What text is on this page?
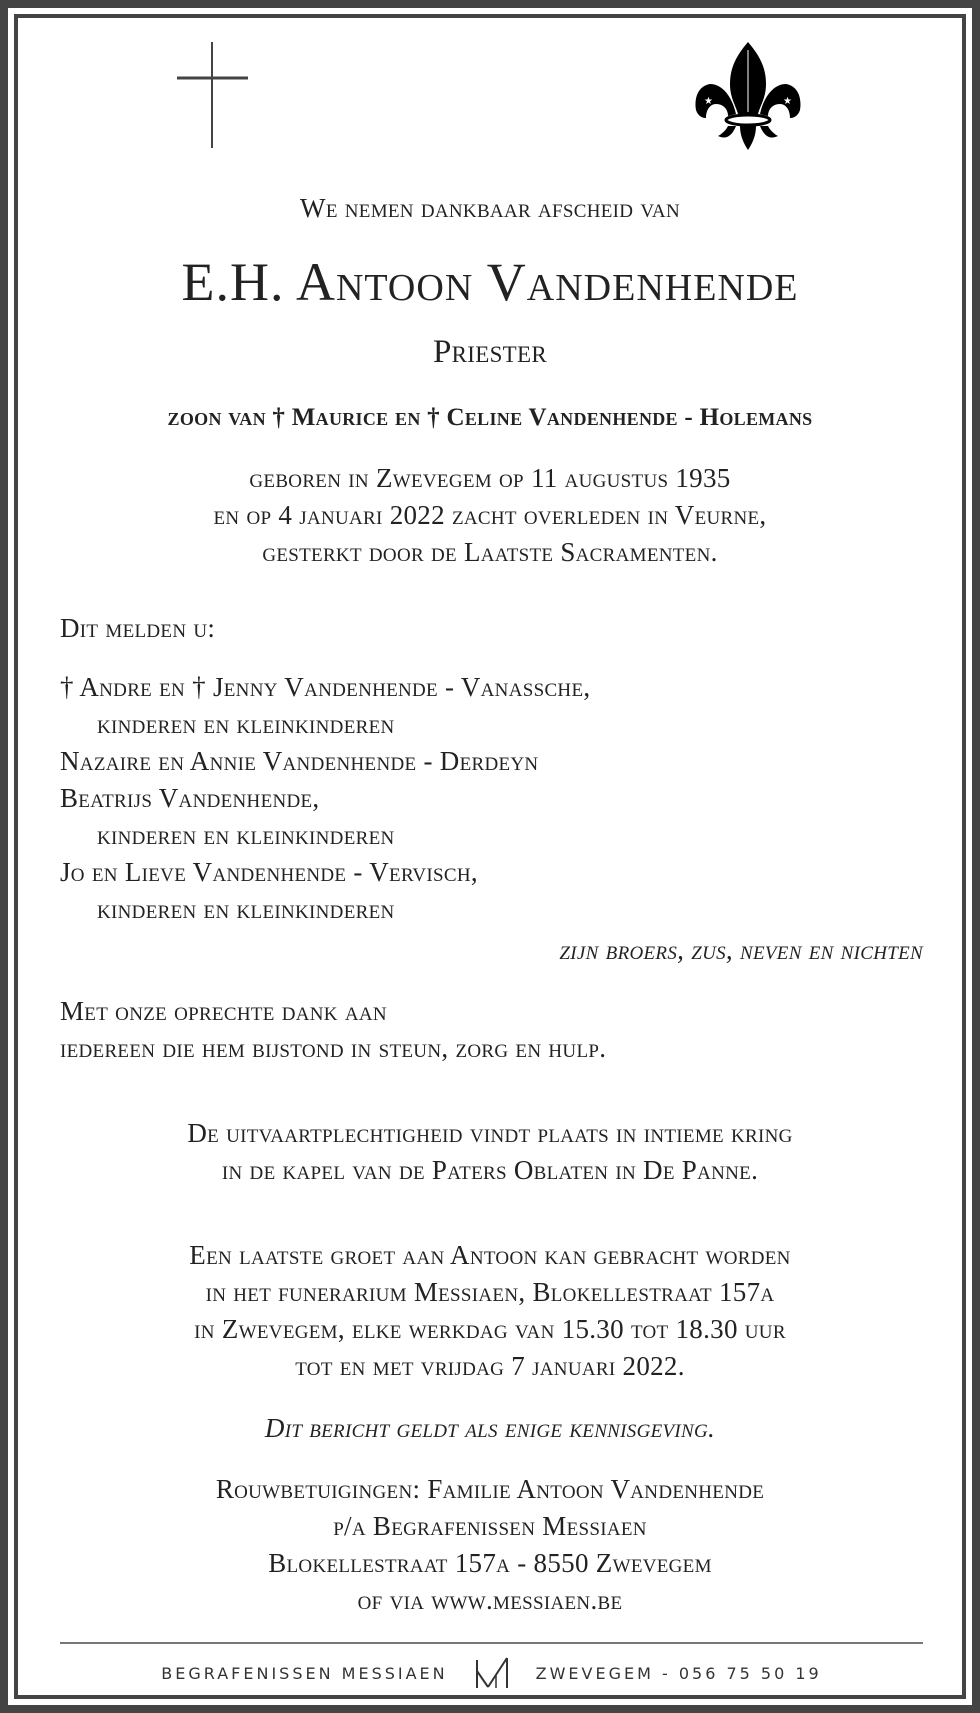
★	★
We nemen dankbaar afscheid van
E.H. Antoon Vandenhende
Priester
zoon van † Maurice en † Celine Vandenhende - Holemans
geboren in Zwevegem op 11 augustus 1935
en op 4 januari 2022 zacht overleden in Veurne,
gesterkt door de Laatste Sacramenten.
Dit melden u:
† Andre en † Jenny Vandenhende - Vanassche,
kinderen en kleinkinderen
Nazaire en Annie Vandenhende - Derdeyn
Beatrijs Vandenhende,
kinderen en kleinkinderen
Jo en Lieve Vandenhende - Vervisch,
kinderen en kleinkinderen
zijn broers, zus, neven en nichten
Met onze oprechte dank aan
iedereen die hem bijstond in steun, zorg en hulp.
De uitvaartplechtigheid vindt plaats in intieme kring
in de kapel van de Paters Oblaten in De Panne.
Een laatste groet aan Antoon kan gebracht worden
in het funerarium Messiaen, Blokellestraat 157a
in Zwevegem, elke werkdag van 15.30 tot 18.30 uur
tot en met vrijdag 7 januari 2022.
Dit bericht geldt als enige kennisgeving.
Rouwbetuigingen: Familie Antoon Vandenhende
p/a Begrafenissen Messiaen
Blokellestraat 157a - 8550 Zwevegem
of via www.messiaen.be
BEGRAFENISSEN MESSIAEN	ZWEVEGEM - 056 75 50 19
